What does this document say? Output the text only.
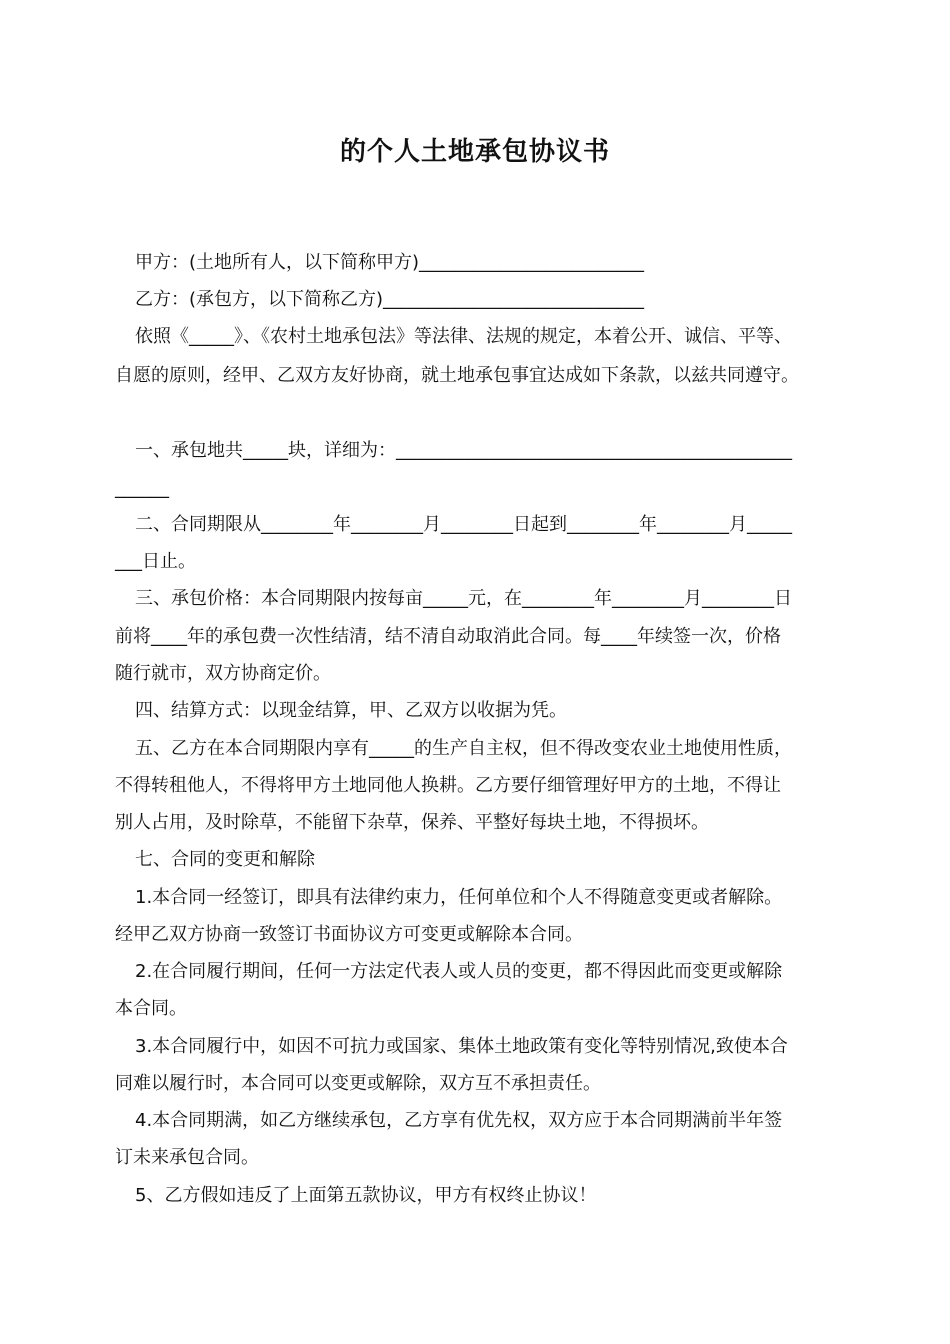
的个人土地承包协议书

甲方：(土地所有人，以下简称甲方)_________________________

乙方：(承包方，以下简称乙方)_____________________________

依照《_____》、《农村土地承包法》等法律、法规的规定，本着公开、诚信、平等、

自愿的原则，经甲、乙双方友好协商，就土地承包事宜达成如下条款，以兹共同遵守。

一、承包地共_____块，详细为：____________________________________________

______

二、合同期限从________年________月________日起到________年________月_____

___日止。

三、承包价格：本合同期限内按每亩_____元，在________年________月________日

前将____年的承包费一次性结清，结不清自动取消此合同。每____年续签一次，价格

随行就市，双方协商定价。

四、结算方式：以现金结算，甲、乙双方以收据为凭。

五、乙方在本合同期限内享有_____的生产自主权，但不得改变农业土地使用性质，

不得转租他人，不得将甲方土地同他人换耕。乙方要仔细管理好甲方的土地，不得让

别人占用，及时除草，不能留下杂草，保养、平整好每块土地，不得损坏。

七、合同的变更和解除

1.本合同一经签订，即具有法律约束力，任何单位和个人不得随意变更或者解除。

经甲乙双方协商一致签订书面协议方可变更或解除本合同。

2.在合同履行期间，任何一方法定代表人或人员的变更，都不得因此而变更或解除

本合同。

3.本合同履行中，如因不可抗力或国家、集体土地政策有变化等特别情况,致使本合

同难以履行时，本合同可以变更或解除，双方互不承担责任。

4.本合同期满，如乙方继续承包，乙方享有优先权，双方应于本合同期满前半年签

订未来承包合同。

5、乙方假如违反了上面第五款协议，甲方有权终止协议！
